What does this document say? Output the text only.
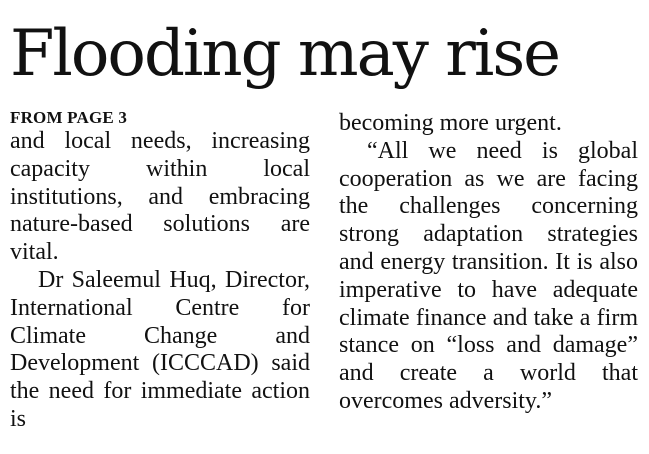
Flooding may rise
FROM PAGE 3

and local needs, increasing capacity within local institutions, and embracing nature-based solutions are vital.

Dr Saleemul Huq, Director, International Centre for Climate Change and Development (ICCCAD) said the need for immediate action is

becoming more urgent.

“All we need is global cooperation as we are facing the challenges concerning strong adaptation strategies and energy transition. It is also imperative to have adequate climate finance and take a firm stance on “loss and damage” and create a world that overcomes adversity.”
